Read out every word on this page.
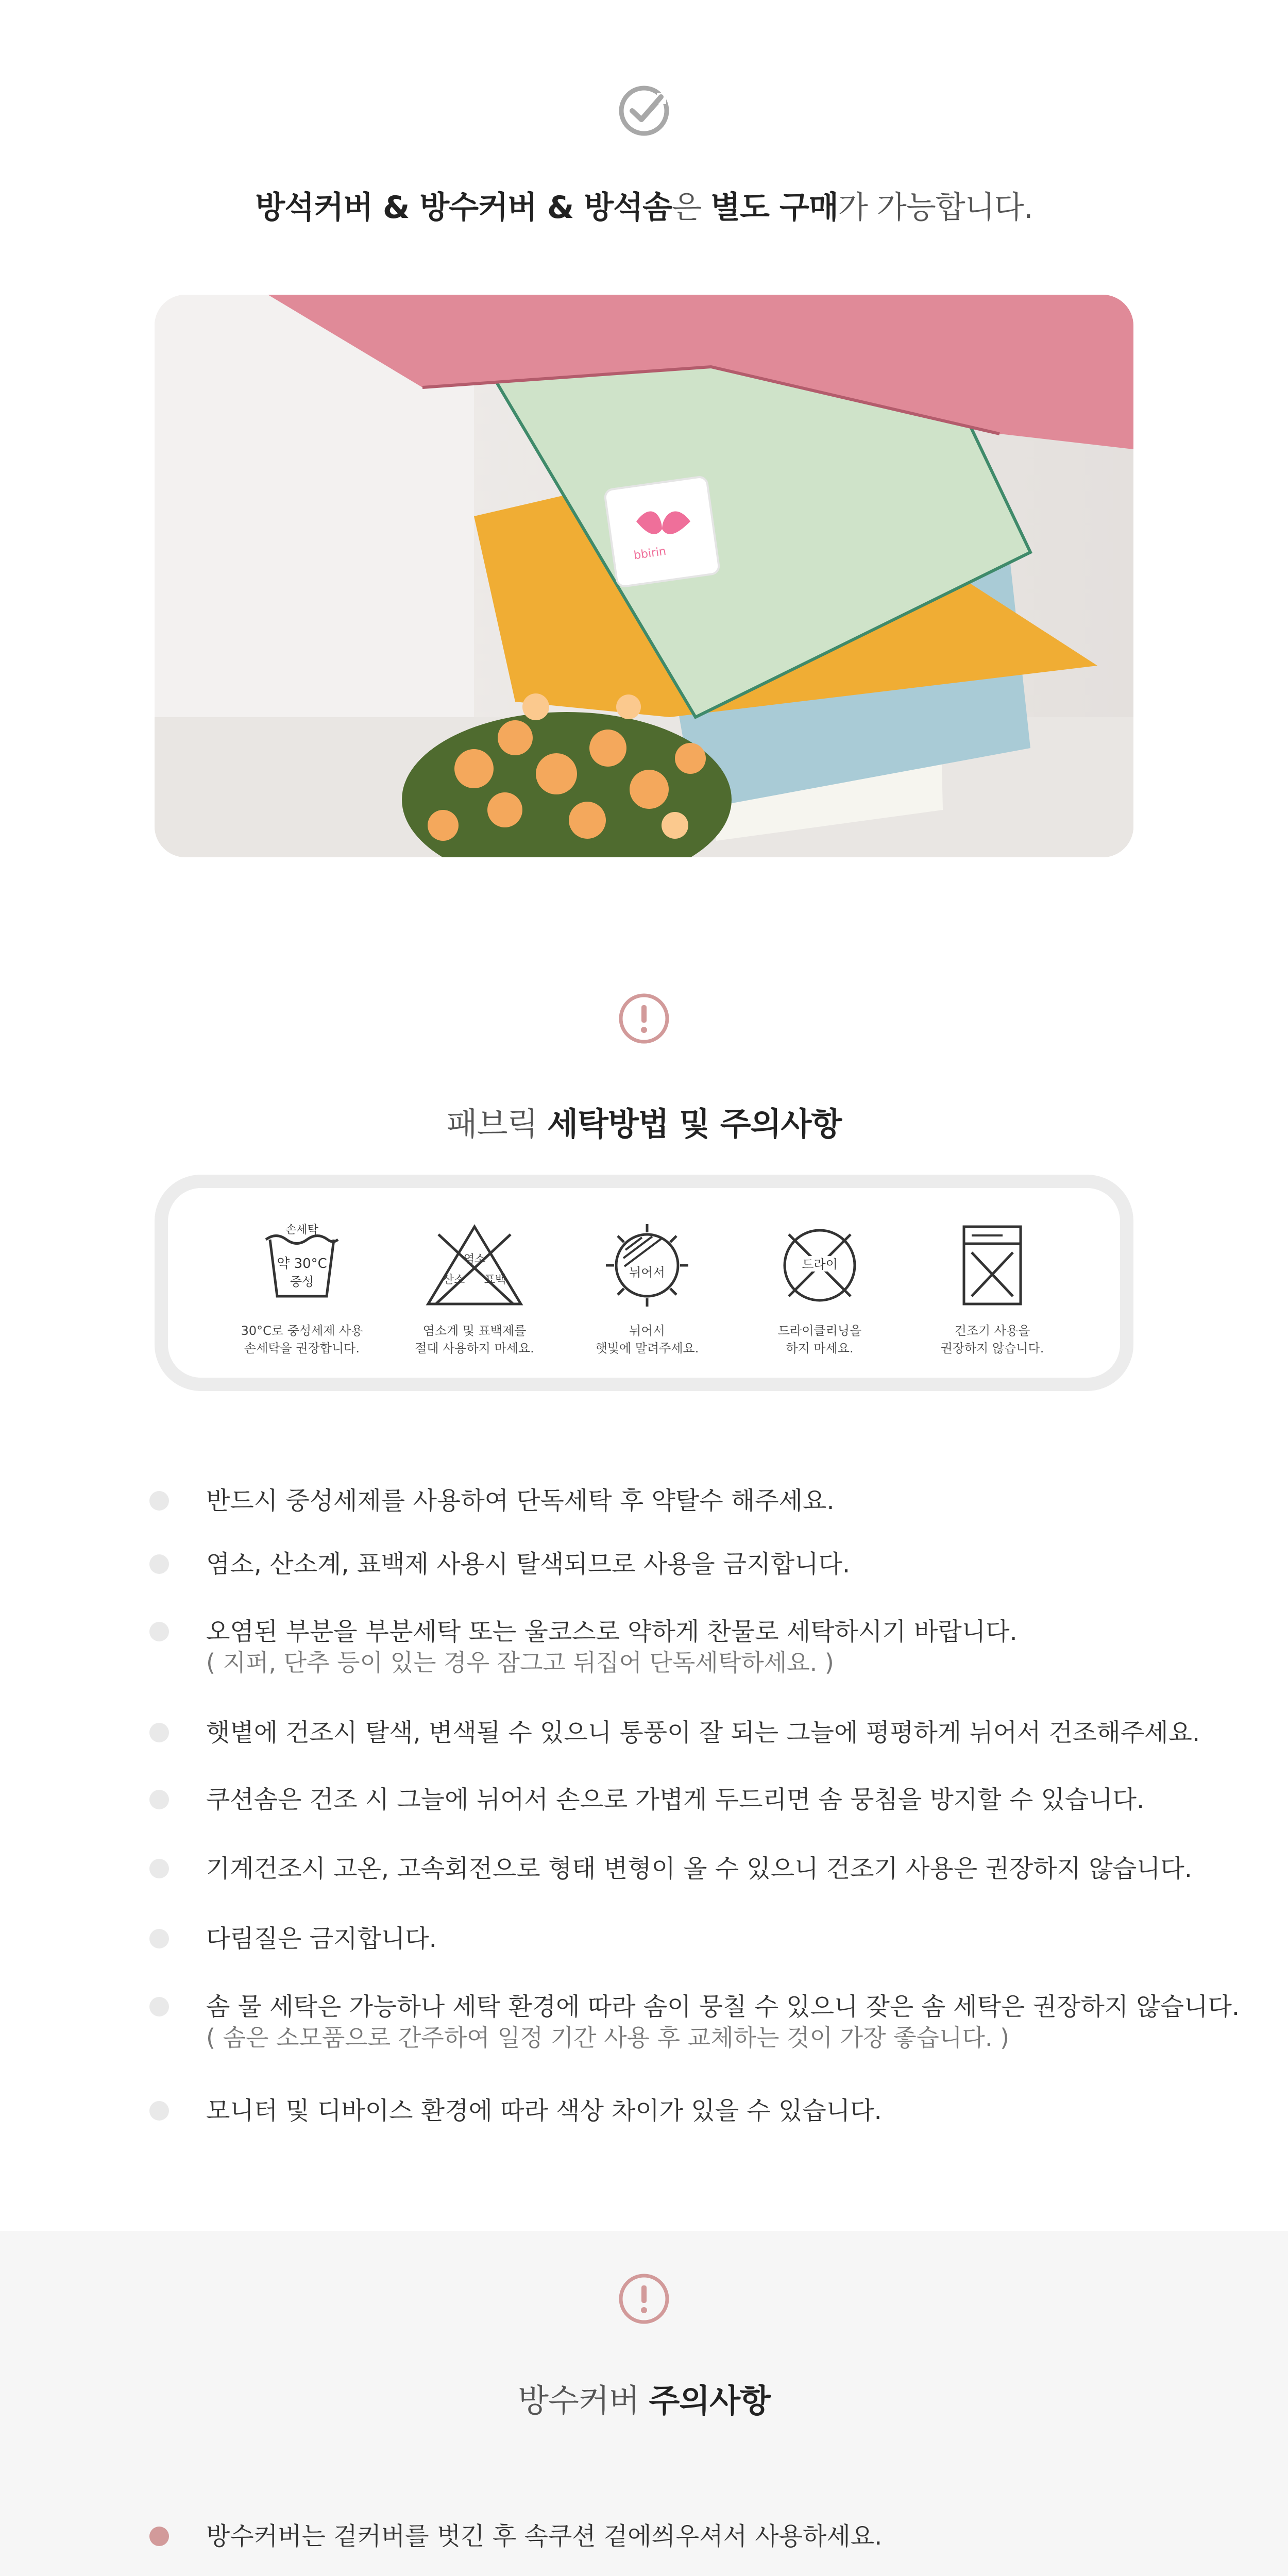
방석커버 & 방수커버 & 방석솜은 별도 구매가 가능합니다.
bbirin
패브릭 세탁방법 및 주의사항
손세탁
약 30°C
중성
30°C로 중성세제 사용
손세탁을 권장합니다.
염소
산소 표백
염소계 및 표백제를
절대 사용하지 마세요.
뉘어서
뉘어서
햇빛에 말려주세요.
드라이
드라이클리닝을
하지 마세요.
건조기 사용을
권장하지 않습니다.
반드시 중성세제를 사용하여 단독세탁 후 약탈수 해주세요.
염소, 산소계, 표백제 사용시 탈색되므로 사용을 금지합니다.
오염된 부분을 부분세탁 또는 울코스로 약하게 찬물로 세탁하시기 바랍니다.
( 지퍼, 단추 등이 있는 경우 잠그고 뒤집어 단독세탁하세요. )
햇볕에 건조시 탈색, 변색될 수 있으니 통풍이 잘 되는 그늘에 평평하게 뉘어서 건조해주세요.
쿠션솜은 건조 시 그늘에 뉘어서 손으로 가볍게 두드리면 솜 뭉침을 방지할 수 있습니다.
기계건조시 고온, 고속회전으로 형태 변형이 올 수 있으니 건조기 사용은 권장하지 않습니다.
다림질은 금지합니다.
솜 물 세탁은 가능하나 세탁 환경에 따라 솜이 뭉칠 수 있으니 잦은 솜 세탁은 권장하지 않습니다.
( 솜은 소모품으로 간주하여 일정 기간 사용 후 교체하는 것이 가장 좋습니다. )
모니터 및 디바이스 환경에 따라 색상 차이가 있을 수 있습니다.
방수커버 주의사항
방수커버는 겉커버를 벗긴 후 속쿠션 겉에씌우셔서 사용하세요.
